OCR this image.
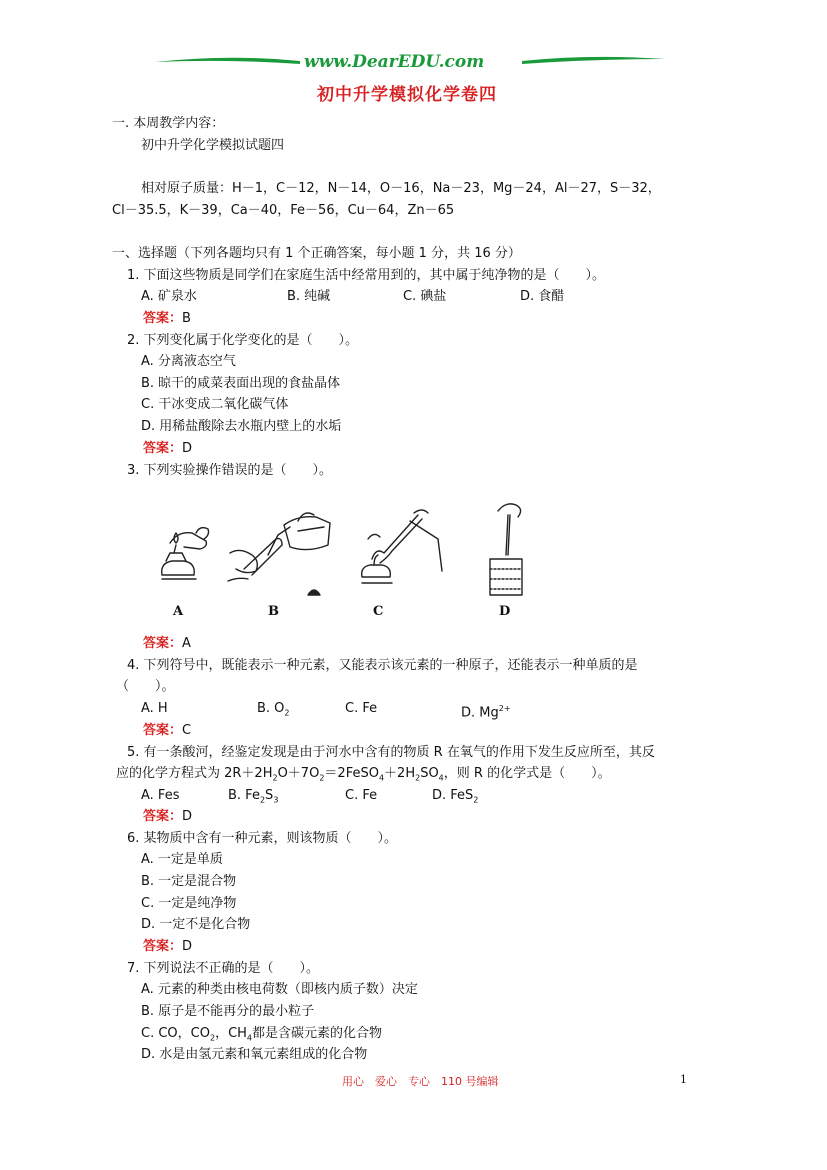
www.DearEDU.com
初中升学模拟化学卷四
一. 本周教学内容：
初中升学化学模拟试题四
相对原子质量：H－1，C－12，N－14，O－16，Na－23，Mg－24，Al－27，S－32，
Cl－35.5，K－39，Ca－40，Fe－56，Cu－64，Zn－65
一、选择题（下列各题均只有 1 个正确答案，每小题 1 分，共 16 分）
1. 下面这些物质是同学们在家庭生活中经常用到的，其中属于纯净物的是（　　）。
A. 矿泉水	B. 纯碱	C. 碘盐	D. 食醋
答案：B
2. 下列变化属于化学变化的是（　　）。
A. 分离液态空气
B. 晾干的咸菜表面出现的食盐晶体
C. 干冰变成二氧化碳气体
D. 用稀盐酸除去水瓶内壁上的水垢
答案：D
3. 下列实验操作错误的是（　　）。
A	B	C	D
答案：A
4. 下列符号中，既能表示一种元素，又能表示该元素的一种原子，还能表示一种单质的是
（　　）。
A. H	B. $O_2$	C. Fe	D. $Mg^{2+}$
答案：C
5. 有一条酸河，经鉴定发现是由于河水中含有的物质 R 在氧气的作用下发生反应所至，其反
应的化学方程式为 $2R+2H_2O+7O_2=2FeSO_4+2H_2SO_4$，则 R 的化学式是（　　）。
A. Fes	B. $Fe_2S_3$	C. Fe	D. FeS$_2$
答案：D
6. 某物质中含有一种元素，则该物质（　　）。
A. 一定是单质
B. 一定是混合物
C. 一定是纯净物
D. 一定不是化合物
答案：D
7. 下列说法不正确的是（　　）。
A. 元素的种类由核电荷数（即核内质子数）决定
B. 原子是不能再分的最小粒子
C. CO，$CO_2$，$CH_4$都是含碳元素的化合物
D. 水是由氢元素和氧元素组成的化合物
用心　爱心　专心　110 号编辑	1
